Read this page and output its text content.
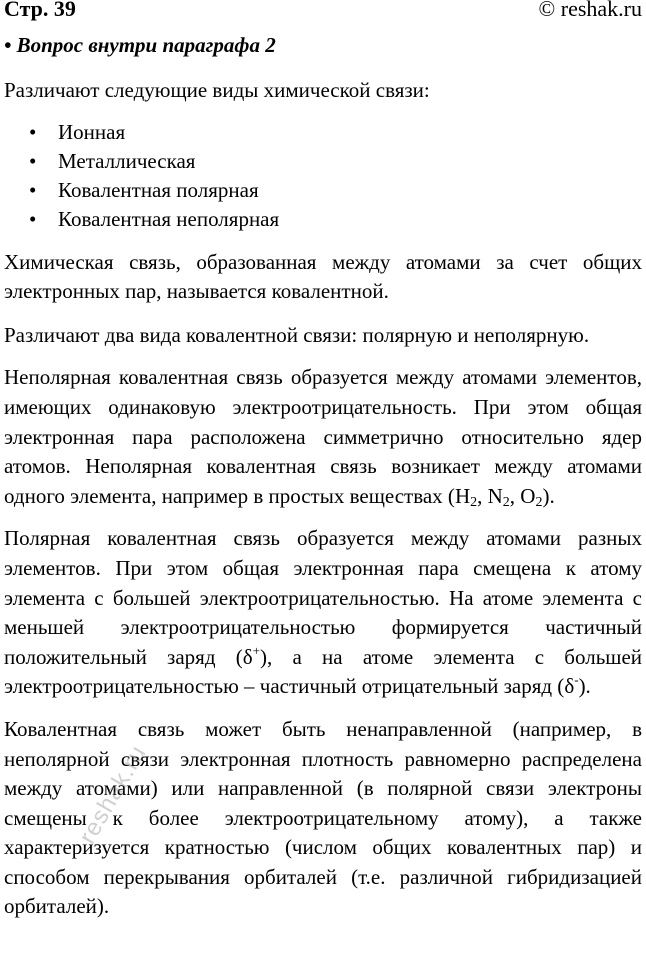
Стр. 39	© reshak.ru
• Вопрос внутри параграфа 2

Различают следующие виды химической связи:

• Ионная
• Металлическая
• Ковалентная полярная
• Ковалентная неполярная

Химическая связь, образованная между атомами за счет общих электронных пар, называется ковалентной.

Различают два вида ковалентной связи: полярную и неполярную.

Неполярная ковалентная связь образуется между атомами элементов, имеющих одинаковую электроотрицательность. При этом общая электронная пара расположена симметрично относительно ядер атомов. Неполярная ковалентная связь возникает между атомами одного элемента, например в простых веществах ($H_2$, $N_2$, $O_2$).

Полярная ковалентная связь образуется между атомами разных элементов. При этом общая электронная пара смещена к атому элемента с большей электроотрицательностью. На атоме элемента с меньшей электроотрицательностью формируется частичный положительный заряд (δ+), а на атоме элемента с большей электроотрицательностью – частичный отрицательный заряд (δ-).

Ковалентная связь может быть ненаправленной (например, в неполярной связи электронная плотность равномерно распределена между атомами) или направленной (в полярной связи электроны смещены к более электроотрицательному атому), а также характеризуется кратностью (числом общих ковалентных пар) и способом перекрывания орбиталей (т.е. различной гибридизацией орбиталей).

reshak.ru
